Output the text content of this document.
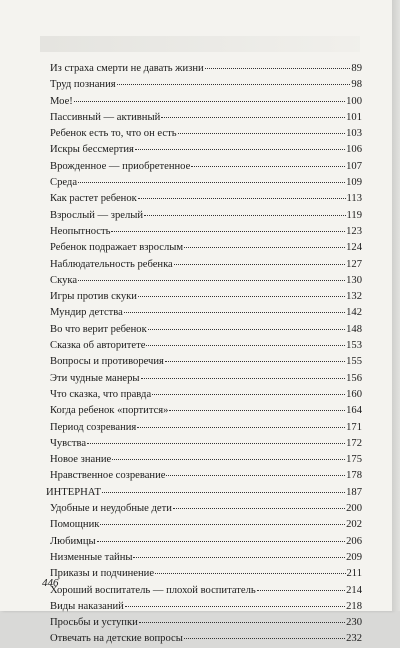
Из страха смерти не давать жизни	89
Труд познания	98
Мое!	100
Пассивный — активный	101
Ребенок есть то, что он есть	103
Искры бессмертия	106
Врожденное — приобретенное	107
Среда	109
Как растет ребенок	113
Взрослый — зрелый	119
Неопытность	123
Ребенок подражает взрослым	124
Наблюдательность ребенка	127
Скука	130
Игры против скуки	132
Мундир детства	142
Во что верит ребенок	148
Сказка об авторитете	153
Вопросы и противоречия	155
Эти чудные манеры	156
Что сказка, что правда	160
Когда ребенок «портится»	164
Период созревания	171
Чувства	172
Новое знание	175
Нравственное созревание	178
ИНТЕРНАТ	187
Удобные и неудобные дети	200
Помощник	202
Любимцы	206
Низменные тайны	209
Приказы и подчинение	211
Хороший воспитатель — плохой воспитатель	214
Виды наказаний	218
Просьбы и уступки	230
Отвечать на детские вопросы	232
446
